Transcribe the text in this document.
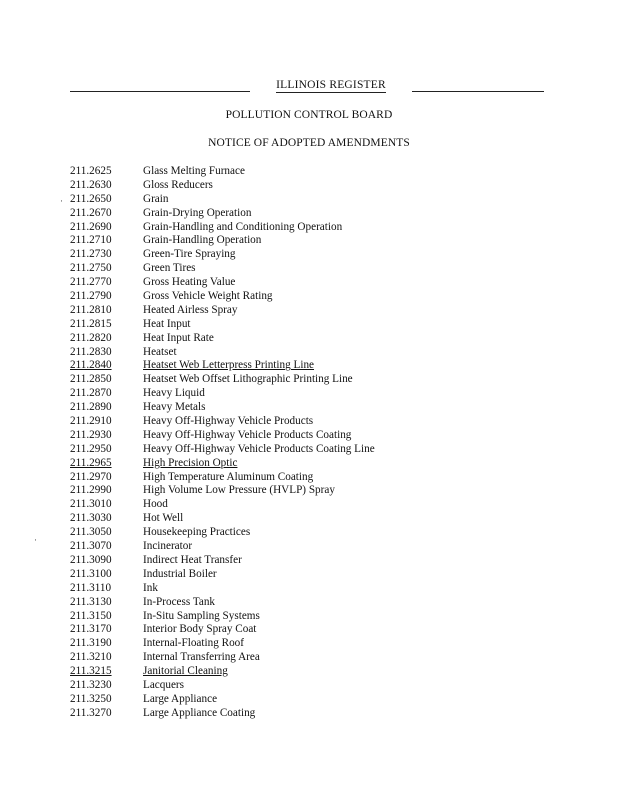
ILLINOIS REGISTER
POLLUTION CONTROL BOARD
NOTICE OF ADOPTED AMENDMENTS
211.2625	Glass Melting Furnace
211.2630	Gloss Reducers
211.2650	Grain
211.2670	Grain-Drying Operation
211.2690	Grain-Handling and Conditioning Operation
211.2710	Grain-Handling Operation
211.2730	Green-Tire Spraying
211.2750	Green Tires
211.2770	Gross Heating Value
211.2790	Gross Vehicle Weight Rating
211.2810	Heated Airless Spray
211.2815	Heat Input
211.2820	Heat Input Rate
211.2830	Heatset
211.2840	Heatset Web Letterpress Printing Line
211.2850	Heatset Web Offset Lithographic Printing Line
211.2870	Heavy Liquid
211.2890	Heavy Metals
211.2910	Heavy Off-Highway Vehicle Products
211.2930	Heavy Off-Highway Vehicle Products Coating
211.2950	Heavy Off-Highway Vehicle Products Coating Line
211.2965	High Precision Optic
211.2970	High Temperature Aluminum Coating
211.2990	High Volume Low Pressure (HVLP) Spray
211.3010	Hood
211.3030	Hot Well
211.3050	Housekeeping Practices
211.3070	Incinerator
211.3090	Indirect Heat Transfer
211.3100	Industrial Boiler
211.3110	Ink
211.3130	In-Process Tank
211.3150	In-Situ Sampling Systems
211.3170	Interior Body Spray Coat
211.3190	Internal-Floating Roof
211.3210	Internal Transferring Area
211.3215	Janitorial Cleaning
211.3230	Lacquers
211.3250	Large Appliance
211.3270	Large Appliance Coating
·
·
